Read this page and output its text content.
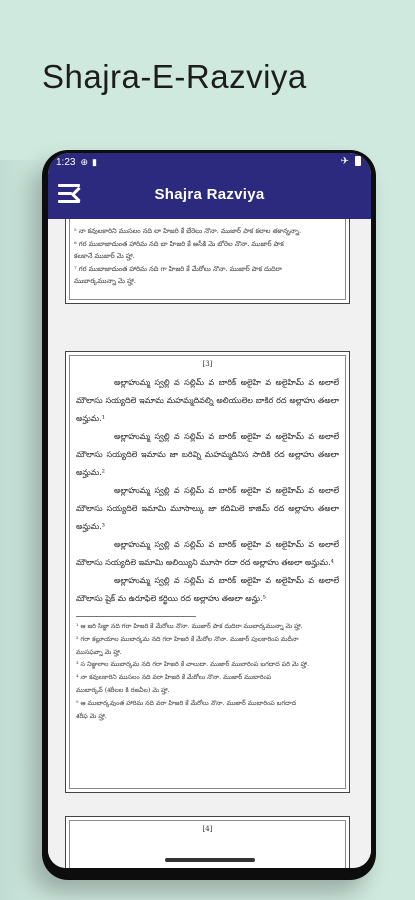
Shajra-E-Razviya
1:23 ⊕ ▮	✈
Shajra Razviya
⁵ నా కవులకారిని ముసలం నది లా హిజరి కే బేరెలు నొనా. ముజార్ పాక కలాల తకాన్నన్నా.
⁶ గర ముబాజాదుంత హారిమ నది బా హిజరి కే అసీకి మె బోరెల నొనా. ముజార్ పాక
కలకానే ముజార్ మె హ్హా.
⁷ గర ముబాజాదుంత హారిమ నది గా హిజరి కే మేరోలు నొనా. ముజార్ పాక దుదిరా
ముబార్కమున్నా మె హ్హా.
[3]
అల్లాహుమ్మ స్వల్లి వ సల్లిమ్ వ బారిక్ అలైహి వ అలైహిమ్ వ అలాలే మౌలాసు సయ్యదిలె ఇమామ మహమ్మదివల్ని అలియులెల బాకిర రద అల్లాహు తఅలా అన్హుమ.¹
అల్లాహుమ్మ స్వల్లి వ సల్లిమ్ వ బారిక్ అలైహి వ అలైహిమ్ వ అలాలే మౌలాసు సయ్యదిలె ఇమామ జా బరివ్ని మహమ్మదినిస సాదికి రద అల్లాహు తఅలా అన్హుమ.²
అల్లాహుమ్మ స్వల్లి వ సల్లిమ్ వ బారిక్ అలైహి వ అలైహిమ్ వ అలాలే మౌలాసు సయ్యదిలె ఇమామి మూసాల్కు జా కదిమిలె కాజిమ్ రద అల్లాహు తఅలా అన్హుమ.³
అల్లాహుమ్మ స్వల్లి వ సల్లిమ్ వ బారిక్ అలైహి వ అలైహిమ్ వ అలాలే మౌలాసు సయ్యదిలె ఇమామి అలియ్యిని మూసా రదా రద అల్లాహు తఅలా అన్హుమ.⁴
అల్లాహుమ్మ స్వల్లి వ సల్లిమ్ వ బారిక్ అలైహి వ అలైహిమ్ వ అలాలే మౌలాసు షైక్ మ ఉరూఫిలె కర్ఖియి రద అల్లాహు తఅలా అన్హు.⁵
¹ ఆ జరి సిజ్జా నది గరా హిజరి కే మేరోలు నొనా. ముజార్ పాక దుదిరా ముబార్కమున్నా మె హ్హా.
² గరా కల్లూయాల ముబార్కమ నది గరా హిజరి కే మేరోల నొనా. ముజార్ పులకారింప మదీనా
ముసఫవ్నా మె హ్హా.
³ స నిజ్జులాల ముబార్కమ నది గరా హిజరి కే చాలుదా. ముజార్ ముబారింప బగదాద పరి మె హ్హా.
⁴ నా కవులకారిని ముసలం నది వరా హిజరి కే మేరోలు నొనా. ముజార్ ముబారింప
ముబార్కవ్ (శరీలల కి రజవీల) మె హ్హా.
⁵ ఆ ముబార్కవుంత హారిమ నది వరా హిజరి కే మేరోలు నొనా. ముజార్ ముబారింప బగదాద
శరీఫ మె హ్హా.
[4]
